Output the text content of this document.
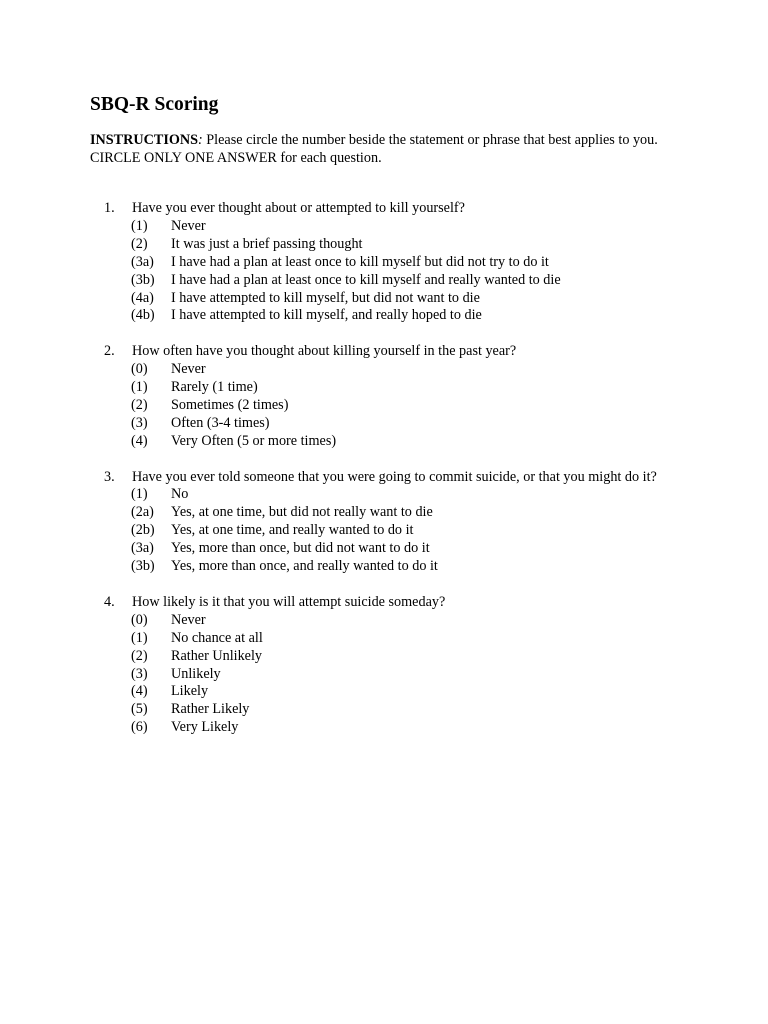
SBQ-R Scoring
INSTRUCTIONS: Please circle the number beside the statement or phrase that best applies to you. CIRCLE ONLY ONE ANSWER for each question.
1. Have you ever thought about or attempted to kill yourself?
(1)	Never
(2)	It was just a brief passing thought
(3a)	I have had a plan at least once to kill myself but did not try to do it
(3b)	I have had a plan at least once to kill myself and really wanted to die
(4a)	I have attempted to kill myself, but did not want to die
(4b)	I have attempted to kill myself, and really hoped to die
2. How often have you thought about killing yourself in the past year?
(0)	Never
(1)	Rarely (1 time)
(2)	Sometimes (2 times)
(3)	Often (3-4 times)
(4)	Very Often (5 or more times)
3. Have you ever told someone that you were going to commit suicide, or that you might do it?
(1)	No
(2a)	Yes, at one time, but did not really want to die
(2b)	Yes, at one time, and really wanted to do it
(3a)	Yes, more than once, but did not want to do it
(3b)	Yes, more than once, and really wanted to do it
4. How likely is it that you will attempt suicide someday?
(0)	Never
(1)	No chance at all
(2)	Rather Unlikely
(3)	Unlikely
(4)	Likely
(5)	Rather Likely
(6)	Very Likely
